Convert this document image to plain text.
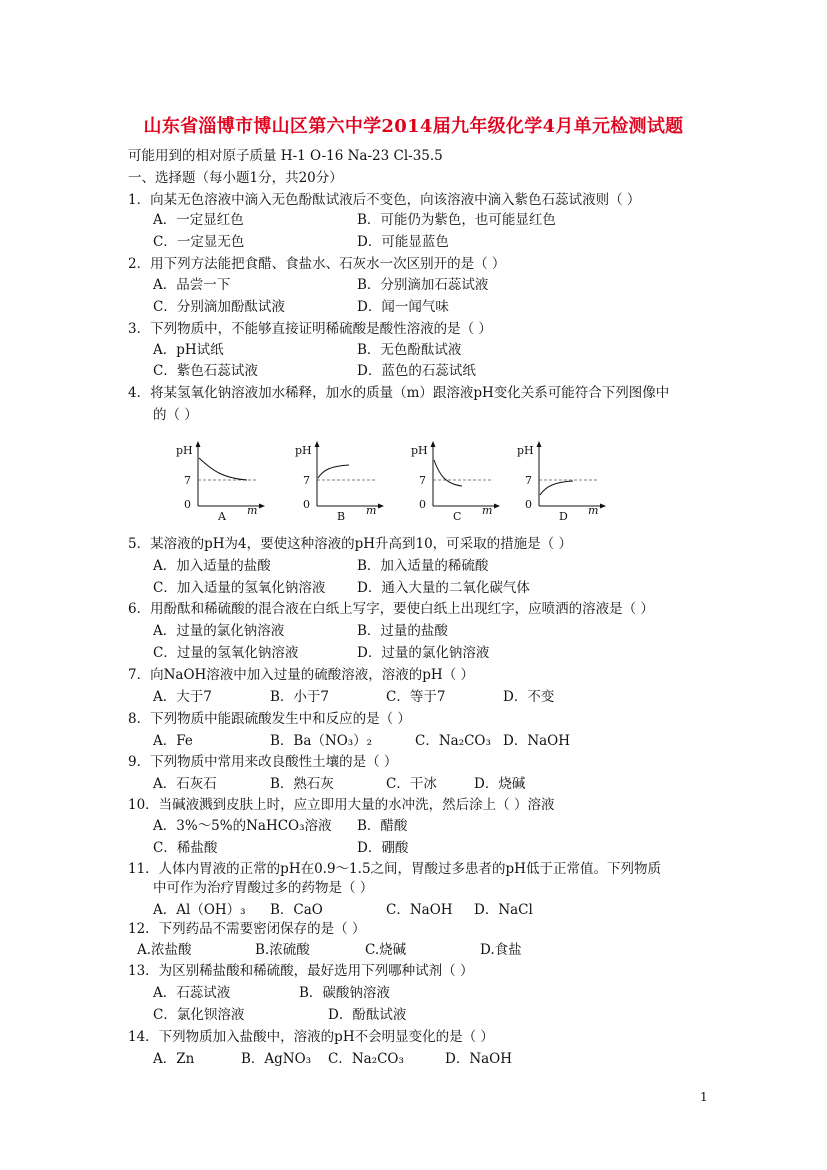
山东省淄博市博山区第六中学2014届九年级化学4月单元检测试题
可能用到的相对原子质量 H-1 O-16 Na-23 Cl-35.5
一、选择题（每小题1分，共20分）
1．向某无色溶液中滴入无色酚酞试液后不变色，向该溶液中滴入紫色石蕊试液则（ ）
A．一定显红色	B．可能仍为紫色，也可能显红色
C．一定显无色	D．可能显蓝色
2．用下列方法能把食醋、食盐水、石灰水一次区别开的是（ ）
A．品尝一下	B．分别滴加石蕊试液
C．分别滴加酚酞试液	D．闻一闻气味
3．下列物质中，不能够直接证明稀硫酸是酸性溶液的是（ ）
A．pH试纸	B．无色酚酞试液
C．紫色石蕊试液	D．蓝色的石蕊试纸
4．将某氢氧化钠溶液加水稀释，加水的质量（m）跟溶液pH变化关系可能符合下列图像中
的（ ）
pH
7
0	m
A
pH
7
0	m
B
pH
7
0	m
C
pH
7
0	m
D
5．某溶液的pH为4，要使这种溶液的pH升高到10，可采取的措施是（ ）
A．加入适量的盐酸	B．加入适量的稀硫酸
C．加入适量的氢氧化钠溶液 D．通入大量的二氧化碳气体
6．用酚酞和稀硫酸的混合液在白纸上写字，要使白纸上出现红字，应喷洒的溶液是（ ）
A．过量的氯化钠溶液	B．过量的盐酸
C．过量的氢氧化钠溶液	D．过量的氯化钠溶液
7．向NaOH溶液中加入过量的硫酸溶液，溶液的pH（ ）
A．大于7	B．小于7	C．等于7	D．不变
8．下列物质中能跟硫酸发生中和反应的是（ ）
A．Fe	B．Ba（NO₃）₂	C．Na₂CO₃ D．NaOH
9．下列物质中常用来改良酸性土壤的是（ ）
A．石灰石	B．熟石灰	C．干冰	D．烧碱
10．当碱液溅到皮肤上时，应立即用大量的水冲洗，然后涂上（ ）溶液
A．3%～5%的NaHCO₃溶液 B．醋酸
C．稀盐酸	D．硼酸
11．人体内胃液的正常的pH在0.9～1.5之间，胃酸过多患者的pH低于正常值。下列物质
中可作为治疗胃酸过多的药物是（ ）
A．Al（OH）₃ B．CaO	C．NaOH D．NaCl
12．下列药品不需要密闭保存的是（ ）
A.浓盐酸	B.浓硫酸	C.烧碱	D.食盐
13．为区别稀盐酸和稀硫酸，最好选用下列哪种试剂（ ）
A．石蕊试液	B．碳酸钠溶液
C．氯化钡溶液	D．酚酞试液
14．下列物质加入盐酸中，溶液的pH不会明显变化的是（ ）
A．Zn	B．AgNO₃ C．Na₂CO₃	D．NaOH
1
